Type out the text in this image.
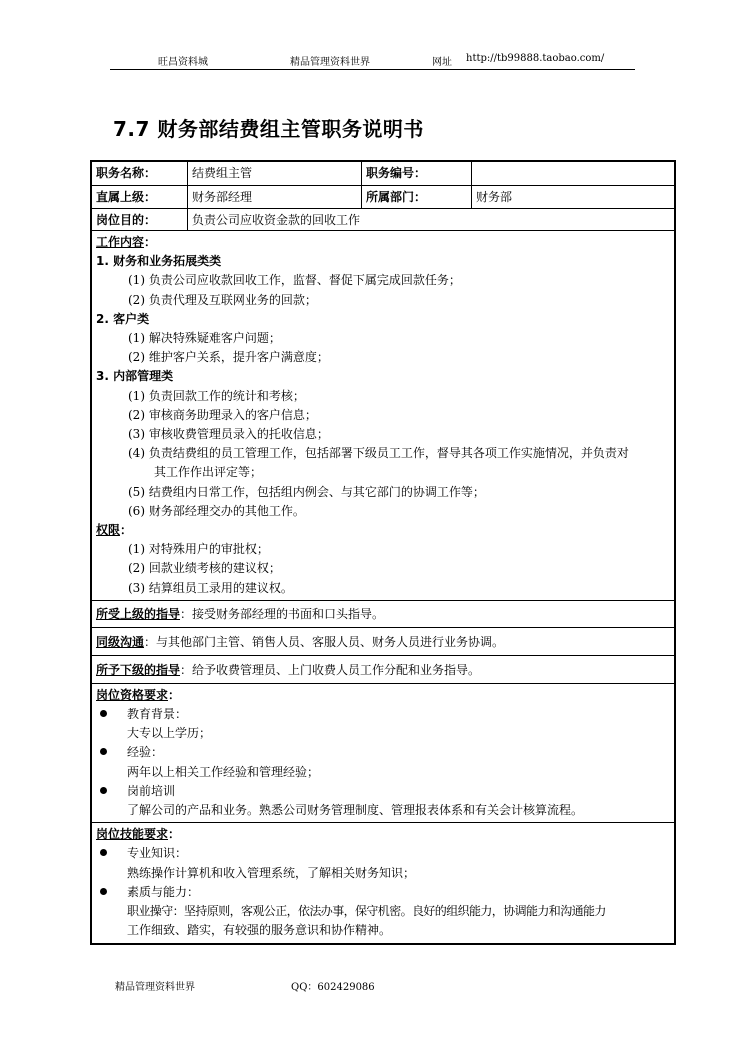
旺昌资料城	精品管理资料世界	网址 http://tb99888.taobao.com/
7.7 财务部结费组主管职务说明书
职务名称：	结费组主管	职务编号：
直属上级：	财务部经理	所属部门：	财务部
岗位目的：	负责公司应收资金款的回收工作

工作内容：

1. 财务和业务拓展类类

(1) 负责公司应收款回收工作，监督、督促下属完成回款任务；

(2) 负责代理及互联网业务的回款；

2. 客户类

(1) 解决特殊疑难客户问题；

(2) 维护客户关系，提升客户满意度；

3. 内部管理类

(1) 负责回款工作的统计和考核；

(2) 审核商务助理录入的客户信息；

(3) 审核收费管理员录入的托收信息；

(4) 负责结费组的员工管理工作，包括部署下级员工工作，督导其各项工作实施情况，并负责对

其工作作出评定等；

(5) 结费组内日常工作，包括组内例会、与其它部门的协调工作等；

(6) 财务部经理交办的其他工作。

权限：

(1) 对特殊用户的审批权；

(2) 回款业绩考核的建议权；

(3) 结算组员工录用的建议权。

所受上级的指导：接受财务部经理的书面和口头指导。

同级沟通：与其他部门主管、销售人员、客服人员、财务人员进行业务协调。

所予下级的指导：给予收费管理员、上门收费人员工作分配和业务指导。

岗位资格要求：

教育背景：

大专以上学历；

经验：

两年以上相关工作经验和管理经验；

岗前培训

了解公司的产品和业务。熟悉公司财务管理制度、管理报表体系和有关会计核算流程。

岗位技能要求：

专业知识：

熟练操作计算机和收入管理系统，了解相关财务知识；

素质与能力：

职业操守：坚持原则，客观公正，依法办事，保守机密。良好的组织能力，协调能力和沟通能力

工作细致、踏实，有较强的服务意识和协作精神。

精品管理资料世界	QQ：602429086
